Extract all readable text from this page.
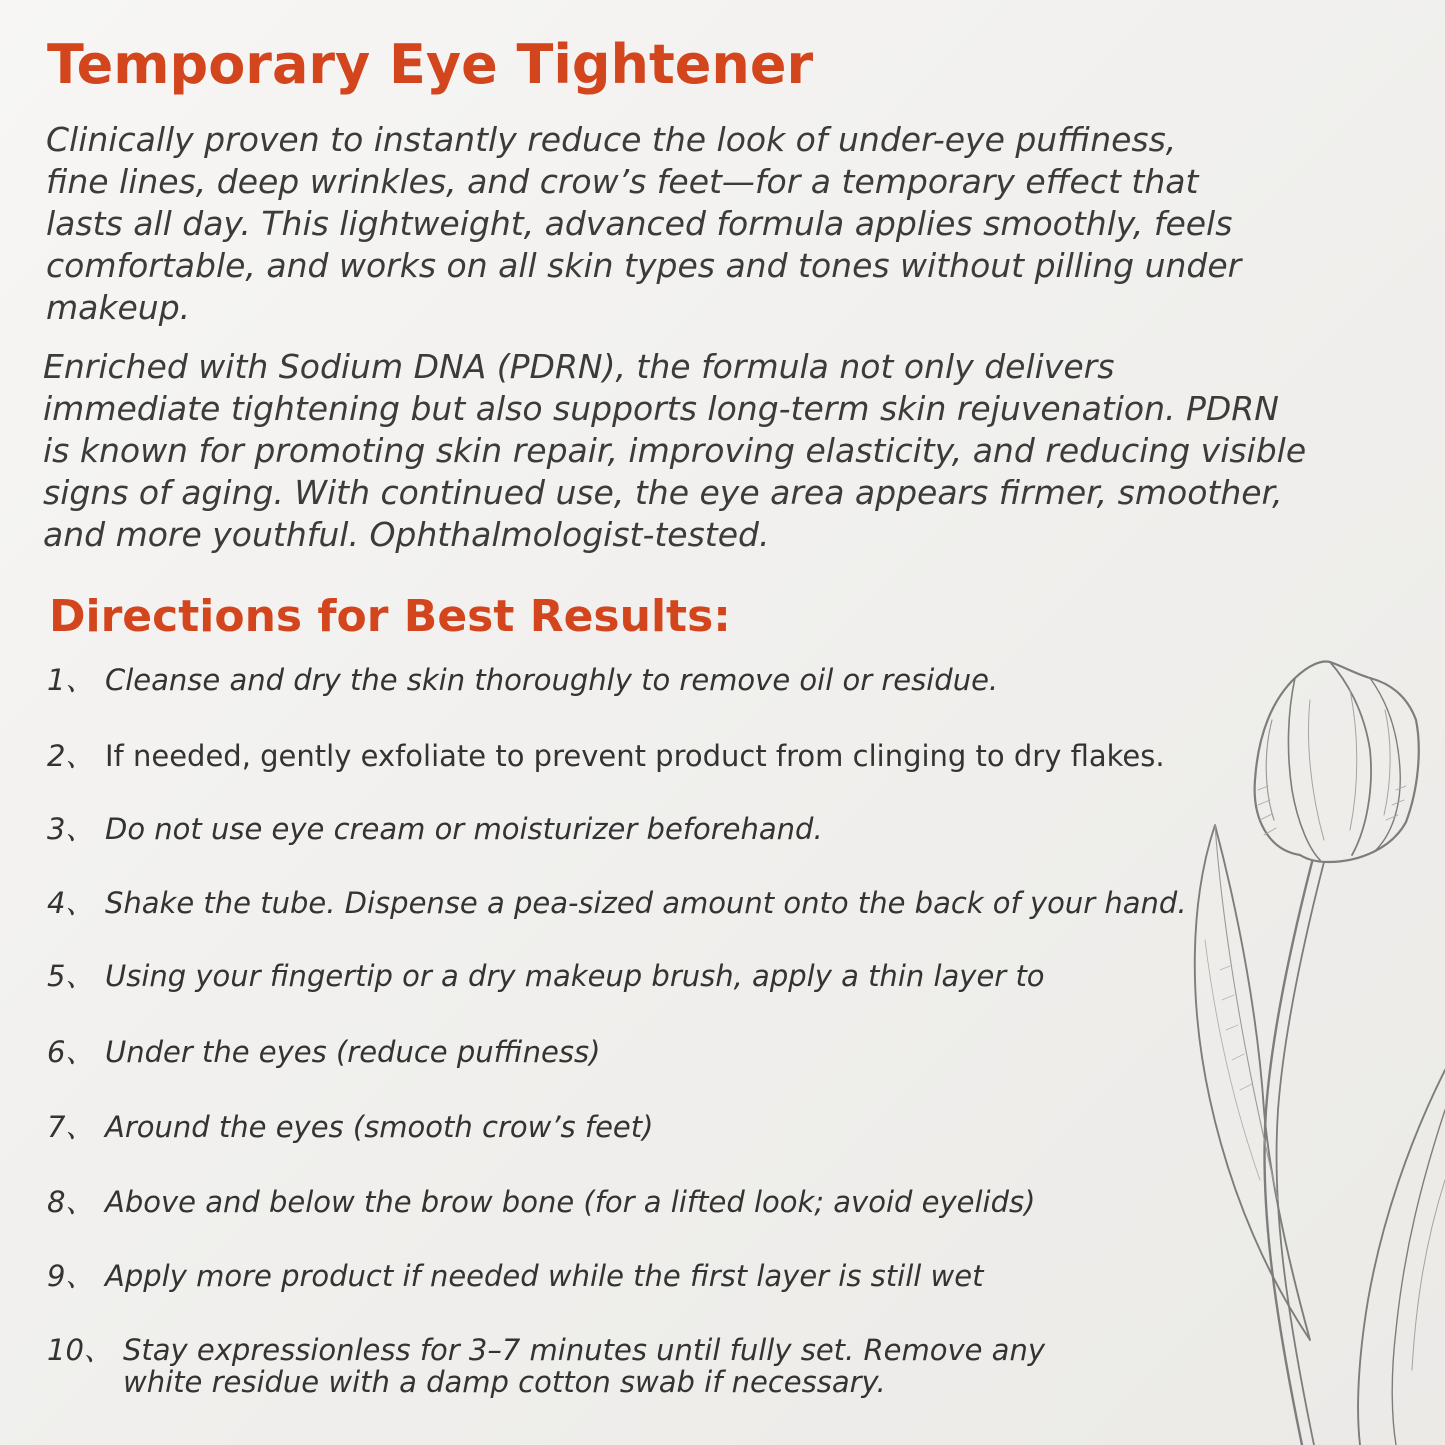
Temporary Eye Tightener

Clinically proven to instantly reduce the look of under-eye puffiness,
fine lines, deep wrinkles, and crow’s feet—for a temporary effect that
lasts all day. This lightweight, advanced formula applies smoothly, feels
comfortable, and works on all skin types and tones without pilling under
makeup.

Enriched with Sodium DNA (PDRN), the formula not only delivers
immediate tightening but also supports long-term skin rejuvenation. PDRN
is known for promoting skin repair, improving elasticity, and reducing visible
signs of aging. With continued use, the eye area appears firmer, smoother,
and more youthful. Ophthalmologist-tested.

Directions for Best Results:
1、 Cleanse and dry the skin thoroughly to remove oil or residue.
2、 If needed, gently exfoliate to prevent product from clinging to dry flakes.
3、 Do not use eye cream or moisturizer beforehand.
4、 Shake the tube. Dispense a pea-sized amount onto the back of your hand.
5、 Using your fingertip or a dry makeup brush, apply a thin layer to
6、 Under the eyes (reduce puffiness)
7、 Around the eyes (smooth crow’s feet)
8、 Above and below the brow bone (for a lifted look; avoid eyelids)
9、 Apply more product if needed while the first layer is still wet
10、 Stay expressionless for 3–7 minutes until fully set. Remove any
white residue with a damp cotton swab if necessary.
